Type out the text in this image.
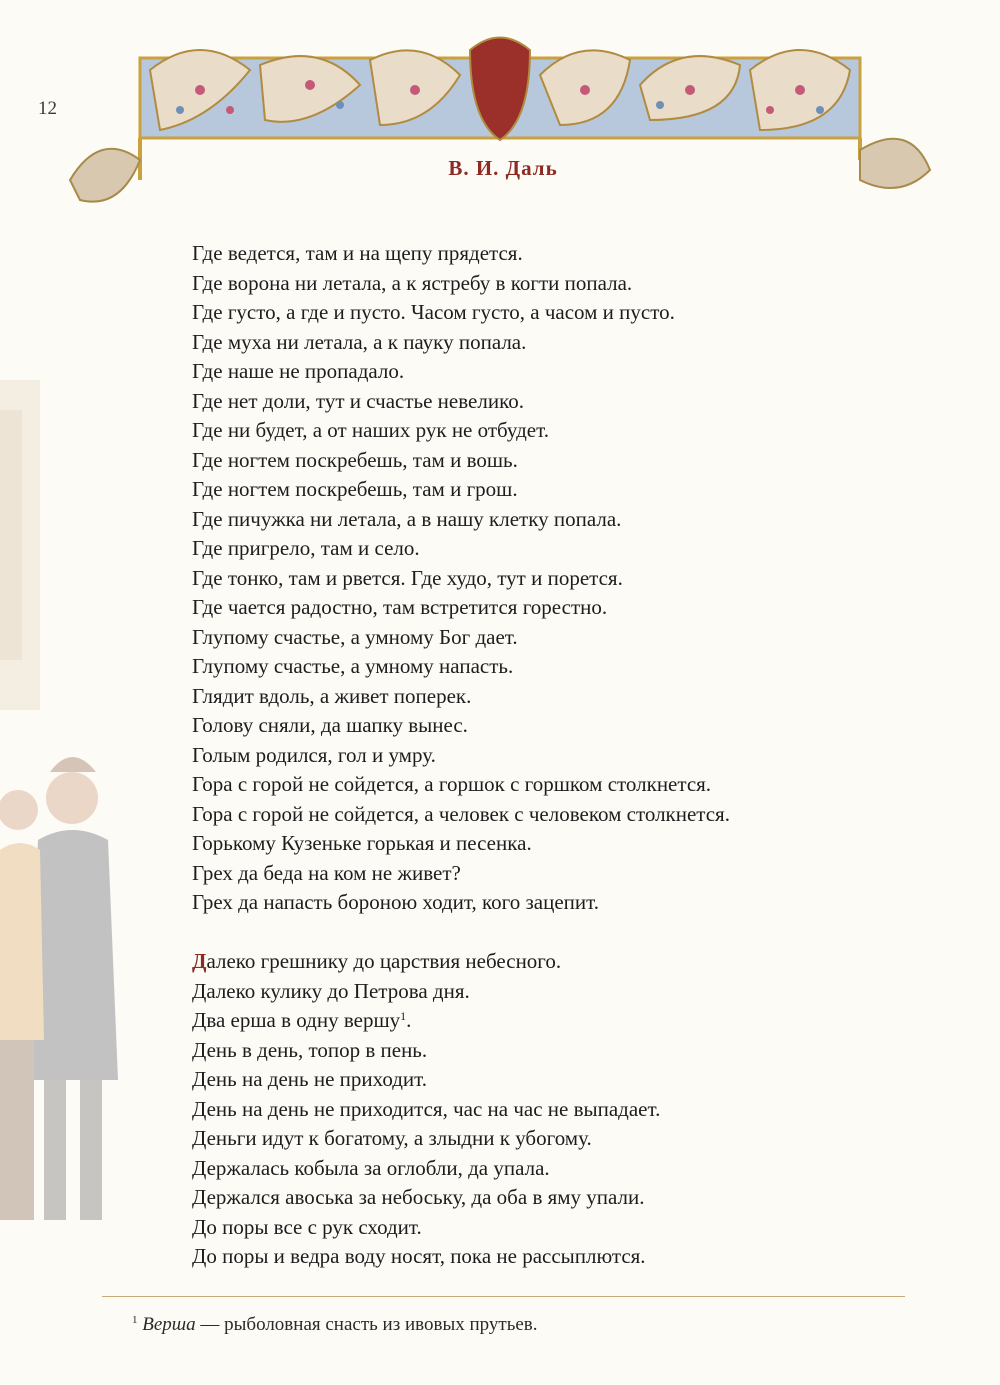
12
В. И. Даль
Где ведется, там и на щепу прядется.
Где ворона ни летала, а к ястребу в когти попала.
Где густо, а где и пусто. Часом густо, а часом и пусто.
Где муха ни летала, а к пауку попала.
Где наше не пропадало.
Где нет доли, тут и счастье невелико.
Где ни будет, а от наших рук не отбудет.
Где ногтем поскребешь, там и вошь.
Где ногтем поскребешь, там и грош.
Где пичужка ни летала, а в нашу клетку попала.
Где пригрело, там и село.
Где тонко, там и рвется. Где худо, тут и порется.
Где чается радостно, там встретится горестно.
Глупому счастье, а умному Бог дает.
Глупому счастье, а умному напасть.
Глядит вдоль, а живет поперек.
Голову сняли, да шапку вынес.
Голым родился, гол и умру.
Гора с горой не сойдется, а горшок с горшком столкнется.
Гора с горой не сойдется, а человек с человеком столкнется.
Горькому Кузеньке горькая и песенка.
Грех да беда на ком не живет?
Грех да напасть бороною ходит, кого зацепит.
Далеко грешнику до царствия небесного.
Далеко кулику до Петрова дня.
Два ерша в одну вершу$^1$.
День в день, топор в пень.
День на день не приходит.
День на день не приходится, час на час не выпадает.
Деньги идут к богатому, а злыдни к убогому.
Держалась кобыла за оглобли, да упала.
Держался авоська за небоську, да оба в яму упали.
До поры все с рук сходит.
До поры и ведра воду носят, пока не рассыплются.
$^1$ Верша — рыболовная снасть из ивовых прутьев.
